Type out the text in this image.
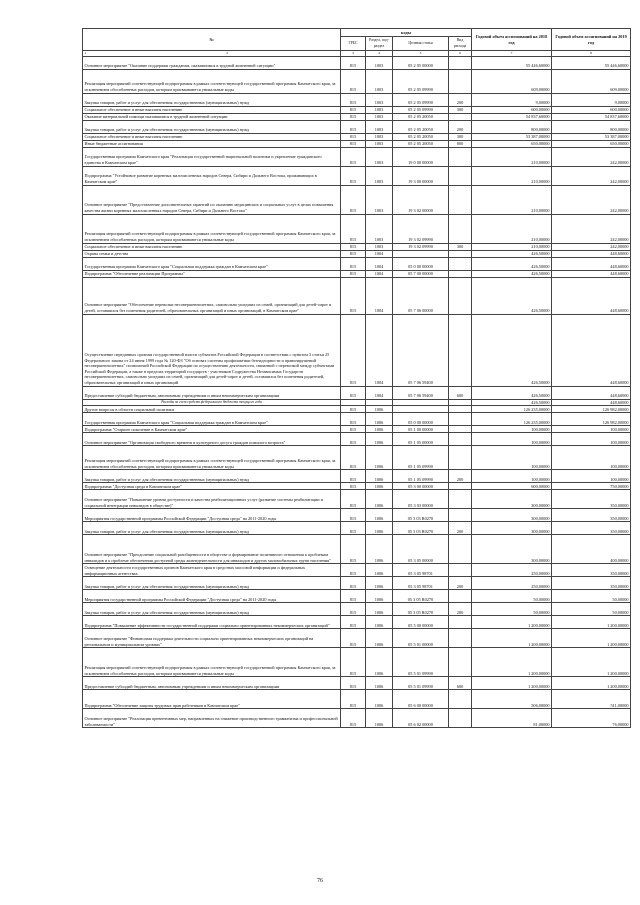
№	коды				Годовой объем ассигнований на 2018 год	Годовой объем ассигнований на 2019 год
	ГРБС	Раздел, под-раздел	Целевая статья	Вид расхода		
1 2	3	4	5	6	7	8
Основное мероприятие "Оказание поддержки гражданам, оказавшимся в трудной жизненной ситуации"	815	1003	05 2 05 00000		55 446,60000	55 446,60000
Реализация мероприятий соответствующей подпрограммы в рамках соответствующей государственной программы Камчатского края, за исключением обособленных расходов, которым присваиваются уникальные коды	815	1003	05 2 05 09990		609,00000	609,00000
Закупка товаров, работ и услуг для обеспечения государственных (муниципальных) нужд	815	1003	05 2 05 09990	200	9,00000	9,00000
Социальное обеспечение и иные выплаты населению	815	1003	05 2 05 09990	300	600,00000	600,00000
Оказание материальной помощи оказавшимся в трудной жизненной ситуации	815	1003	05 2 05 20050		54 837,60000	54 837,60000
Закупка товаров, работ и услуг для обеспечения государственных (муниципальных) нужд	815	1003	05 2 05 20050	200	800,00000	800,00000
Социальное обеспечение и иные выплаты населению	815	1003	05 2 05 20050	300	53 387,00000	53 387,00000
Иные бюджетные ассигнования	815	1003	05 2 05 20050	800	650,00000	650,00000
Государственная программа Камчатского края "Реализация государственной национальной политики и укрепление гражданского единства в Камчатском крае"	815	1003	19 0 00 00000		210,00000	242,00000
Подпрограмма "Устойчивое развитие коренных малочисленных народов Севера, Сибири и Дальнего Востока, проживающих в Камчатском крае"	815	1003	19 3 00 00000		210,00000	242,00000
Основное мероприятие "Предоставление дополнительных гарантий по оказанию медицинских и социальных услуг в целях повышения качества жизни коренных малочисленных народов Севера, Сибири и Дальнего Востока"	815	1003	19 3 02 00000		210,00000	242,00000
Реализация мероприятий соответствующей подпрограммы в рамках соответствующей государственной программы Камчатского края, за исключением обособленных расходов, которым присваиваются уникальные коды	815	1003	19 3 02 09990		210,00000	242,00000
Социальное обеспечение и иные выплаты населению	815	1003	19 3 02 09990	300	210,00000	242,00000
Охрана семьи и детства	815	1004			426,50000	448,60000
Государственная программа Камчатского края "Социальная поддержка граждан в Камчатском крае"	815	1004	05 0 00 00000		426,50000	448,60000
Подпрограмма "Обеспечение реализации Программы"	815	1004	05 7 00 00000		426,50000	448,60000
Основное мероприятие "Обеспечение перевозки несовершеннолетних, самовольно ушедших из семей, организаций для детей-сирот и детей, оставшихся без попечения родителей, образовательных организаций и иных организаций, в Камчатском крае"	815	1004	05 7 06 00000		426,50000	448,60000
Осуществление переданных органам государственной власти субъектов Российской Федерации в соответствии с пунктом 3 статьи 25 Федерального закона от 24 июня 1999 года № 120-ФЗ "Об основах системы профилактики безнадзорности и правонарушений несовершеннолетних" полномочий Российской Федерации по осуществлению деятельности, связанной с перевозкой между субъектами Российской Федерации, а также в пределах территорий государств - участников Содружества Независимых Государств несовершеннолетних, самовольно ушедших из семей, организаций для детей-сирот и детей, оставшихся без попечения родителей, образовательных организаций и иных организаций	815	1004	05 7 06 59400		426,50000	448,60000
Предоставление субсидий бюджетным, автономным учреждениям и иным некоммерческим организациям	815	1004	05 7 06 59400	600	426,50000	448,60000
Расходы за счет средств федерального бюджета текущего года					426,50000	448,60000
Другие вопросы в области социальной политики	815	1006			126 235,00000	126 982,00000
Государственная программа Камчатского края "Социальная поддержка граждан в Камчатском крае"	815	1006	05 0 00 00000		126 235,00000	126 982,00000
Подпрограмма "Старшее поколение в Камчатском крае"	815	1006	05 1 00 00000		100,00000	100,00000
Основное мероприятие "Организация свободного времени и культурного досуга граждан пожилого возраста"	815	1006	05 1 05 00000		100,00000	100,00000
Реализация мероприятий соответствующей подпрограммы в рамках соответствующей государственной программы Камчатского края, за исключением обособленных расходов, которым присваиваются уникальные коды	815	1006	05 1 05 09990		100,00000	100,00000
Закупка товаров, работ и услуг для обеспечения государственных (муниципальных) нужд	815	1006	05 1 05 09990	200	100,00000	100,00000
Подпрограмма "Доступная среда в Камчатском крае"	815	1006	05 3 00 00000		600,00000	750,00000
Основное мероприятие "Повышение уровня доступности и качества реабилитационных услуг (развитие системы реабилитации и социальной интеграции инвалидов в обществе)"	815	1006	05 3 03 00000		300,00000	350,00000
Мероприятия государственной программы Российской Федерации "Доступная среда" на 2011-2020 годы	815	1006	05 3 03 R0270		300,00000	350,00000
Закупка товаров, работ и услуг для обеспечения государственных (муниципальных) нужд	815	1006	05 3 03 R0270	200	300,00000	350,00000
Основное мероприятие "Преодоление социальной разобщенности в обществе и формирование позитивного отношения к проблемам инвалидов и к проблеме обеспечения доступной среды жизнедеятельности для инвалидов и других маломобильных групп населения"	815	1006	05 3 05 00000		300,00000	400,00000
Освещение деятельности государственных органов Камчатского края в средствах массовой информации и федеральных информационных агентствах	815	1006	05 3 05 98701		250,00000	350,00000
Закупка товаров, работ и услуг для обеспечения государственных (муниципальных) нужд	815	1006	05 3 05 98701	200	250,00000	350,00000
Мероприятия государственной программы Российской Федерации "Доступная среда" на 2011-2020 годы	815	1006	05 3 05 R0270		50,00000	50,00000
Закупка товаров, работ и услуг для обеспечения государственных (муниципальных) нужд	815	1006	05 3 05 R0270	200	50,00000	50,00000
Подпрограмма "Повышение эффективности государственной поддержки социально ориентированных некоммерческих организаций"	815	1006	05 5 00 00000		1 200,00000	1 200,00000
Основное мероприятие "Финансовая поддержка деятельности социально ориентированных некоммерческих организаций на региональном и муниципальном уровнях"	815	1006	05 5 01 00000		1 200,00000	1 200,00000
Реализация мероприятий соответствующей подпрограммы в рамках соответствующей государственной программы Камчатского края, за исключением обособленных расходов, которым присваиваются уникальные коды	815	1006	05 5 01 09990		1 200,00000	1 200,00000
Предоставление субсидий бюджетным, автономным учреждениям и иным некоммерческим организациям	815	1006	05 5 01 09990	600	1 200,00000	1 200,00000
Подпрограмма "Обеспечение защиты трудовых прав работников в Камчатском крае"	815	1006	05 6 00 00000		506,00000	511,00000
Основное мероприятие "Реализация превентивных мер, направленных на снижение производственного травматизма и профессиональной заболеваемости"	815	1006	05 6 02 00000		81,00000	76,00000
76
